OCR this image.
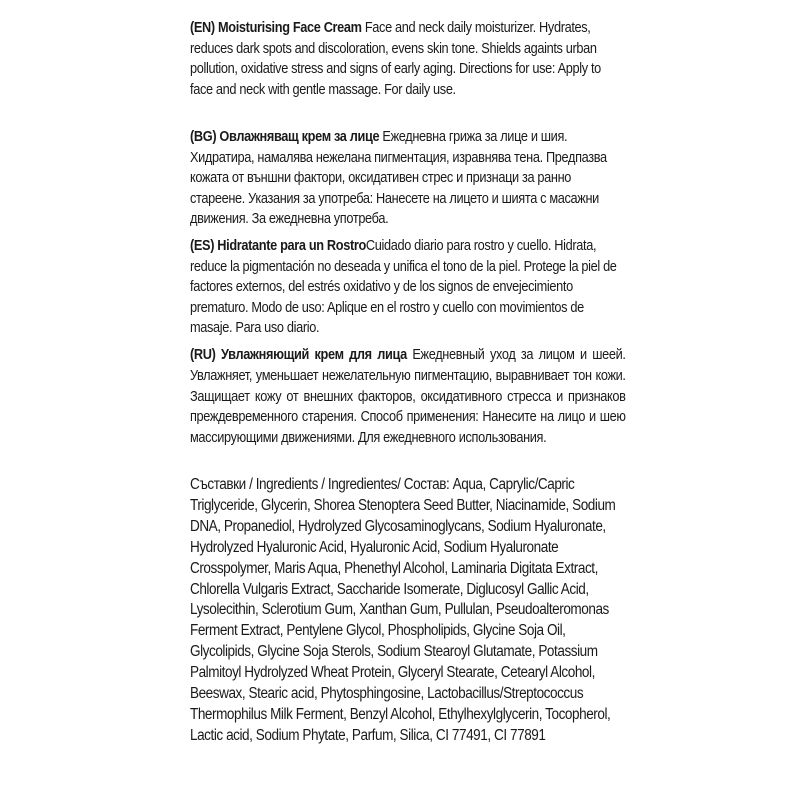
(EN) Moisturising Face Cream Face and neck daily moisturizer. Hydrates, reduces dark spots and discoloration, evens skin tone. Shields againts urban pollution, oxidative stress and signs of early aging. Directions for use: Apply to face and neck with gentle massage. For daily use.

(BG) Овлажняващ крем за лице Ежедневна грижа за лице и шия. Хидратира, намалява нежелана пигментация, изравнява тена. Предпазва кожата от външни фактори, оксидативен стрес и признаци за ранно стареене. Указания за употреба: Нанесете на лицето и шията с масажни движения. За ежедневна употреба.

(ES) Hidratante para un RostroCuidado diario para rostro y cuello. Hidrata, reduce la pigmentación no deseada y unifica el tono de la piel. Protege la piel de factores externos, del estrés oxidativo y de los signos de envejecimiento prematuro. Modo de uso: Aplique en el rostro y cuello con movimientos de masaje. Para uso diario.

(RU) Увлажняющий крем для лица Ежедневный уход за лицом и шеей. Увлажняет, уменьшает нежелательную пигментацию, выравнивает тон кожи. Защищает кожу от внешних факторов, оксидативного стресса и признаков преждевременного старения. Способ применения: Нанесите на лицо и шею массирующими движениями. Для ежедневного использования.

Съставки / Ingredients / Ingredientes/ Состав: Aqua, Caprylic/Capric Triglyceride, Glycerin, Shorea Stenoptera Seed Butter, Niacinamide, Sodium DNA, Propanediol, Hydrolyzed Glycosaminoglycans, Sodium Hyaluronate, Hydrolyzed Hyaluronic Acid, Hyaluronic Acid, Sodium Hyaluronate Crosspolymer, Maris Aqua, Phenethyl Alcohol, Laminaria Digitata Extract, Chlorella Vulgaris Extract, Saccharide Isomerate, Diglucosyl Gallic Acid, Lysolecithin, Sclerotium Gum, Xanthan Gum, Pullulan, Pseudoalteromonas Ferment Extract, Pentylene Glycol, Phospholipids, Glycine Soja Oil, Glycolipids, Glycine Soja Sterols, Sodium Stearoyl Glutamate, Potassium Palmitoyl Hydrolyzed Wheat Protein, Glyceryl Stearate, Cetearyl Alcohol, Beeswax, Stearic acid, Phytosphingosine, Lactobacillus/Streptococcus Thermophilus Milk Ferment, Benzyl Alcohol, Ethylhexylglycerin, Tocopherol, Lactic acid, Sodium Phytate, Parfum, Silica, CI 77491, CI 77891
